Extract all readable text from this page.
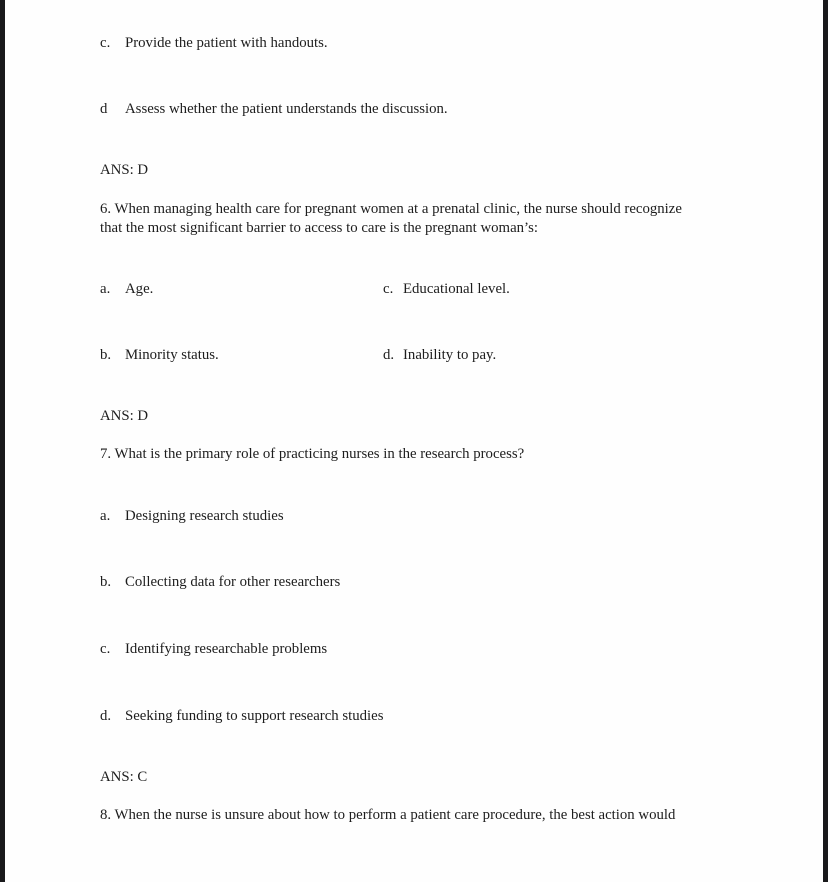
c. Provide the patient with handouts.
d Assess whether the patient understands the discussion.
ANS: D
6. When managing health care for pregnant women at a prenatal clinic, the nurse should recognize that the most significant barrier to access to care is the pregnant woman’s:
a. Age.	c. Educational level.
b. Minority status.	d. Inability to pay.
ANS: D
7. What is the primary role of practicing nurses in the research process?
a. Designing research studies
b. Collecting data for other researchers
c. Identifying researchable problems
d. Seeking funding to support research studies
ANS: C
8. When the nurse is unsure about how to perform a patient care procedure, the best action would
